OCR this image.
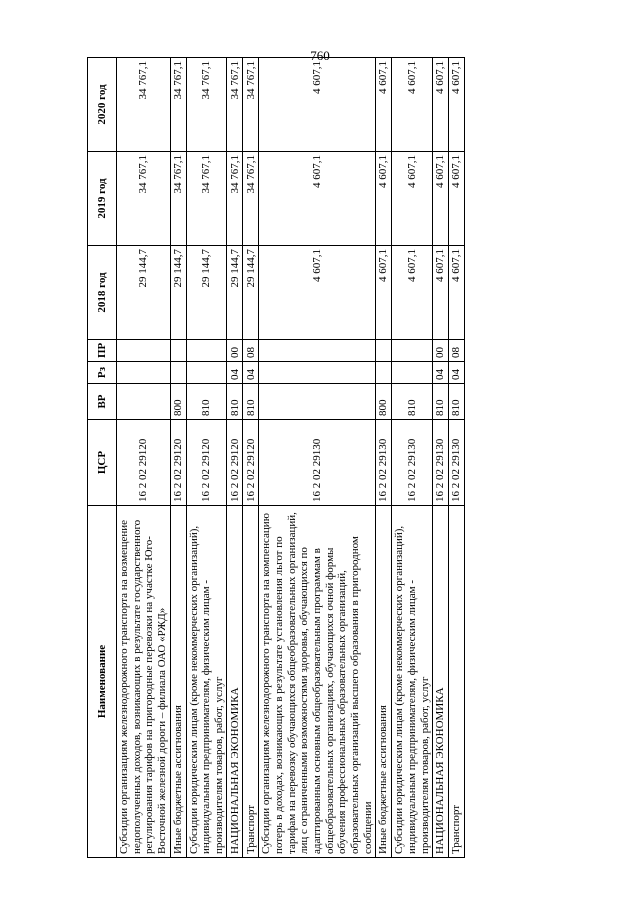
760
Наименование	ЦСР	ВР	Рз	ПР	2018 год	2019 год	2020 год
Субсидии организациям железнодорожного транспорта на возмещение недополученных доходов, возникающих в результате государственного регулирования тарифов на пригородные перевозки на участке Юго-Восточной железной дороги – филиала ОАО «РЖД»	16 2 02 29120				29 144,7	34 767,1	34 767,1
Иные бюджетные ассигнования	16 2 02 29120	800			29 144,7	34 767,1	34 767,1
Субсидии юридическим лицам (кроме некоммерческих организаций), индивидуальным предпринимателям, физическим лицам - производителям товаров, работ, услуг	16 2 02 29120	810			29 144,7	34 767,1	34 767,1
НАЦИОНАЛЬНАЯ ЭКОНОМИКА	16 2 02 29120	810	04	00	29 144,7	34 767,1	34 767,1
Транспорт	16 2 02 29120	810	04	08	29 144,7	34 767,1	34 767,1
Субсидии организациям железнодорожного транспорта на компенсацию потерь в доходах, возникающих в результате установления льгот по тарифам на перевозку обучающихся общеобразовательных организаций, лиц с ограниченными возможностями здоровья, обучающихся по адаптированным основным общеобразовательным программам в общеобразовательных организациях, обучающихся очной формы обучения профессиональных образовательных организаций, образовательных организаций высшего образования в пригородном сообщении	16 2 02 29130				4 607,1	4 607,1	4 607,1
Иные бюджетные ассигнования	16 2 02 29130	800			4 607,1	4 607,1	4 607,1
Субсидии юридическим лицам (кроме некоммерческих организаций), индивидуальным предпринимателям, физическим лицам - производителям товаров, работ, услуг	16 2 02 29130	810			4 607,1	4 607,1	4 607,1
НАЦИОНАЛЬНАЯ ЭКОНОМИКА	16 2 02 29130	810	04	00	4 607,1	4 607,1	4 607,1
Транспорт	16 2 02 29130	810	04	08	4 607,1	4 607,1	4 607,1
